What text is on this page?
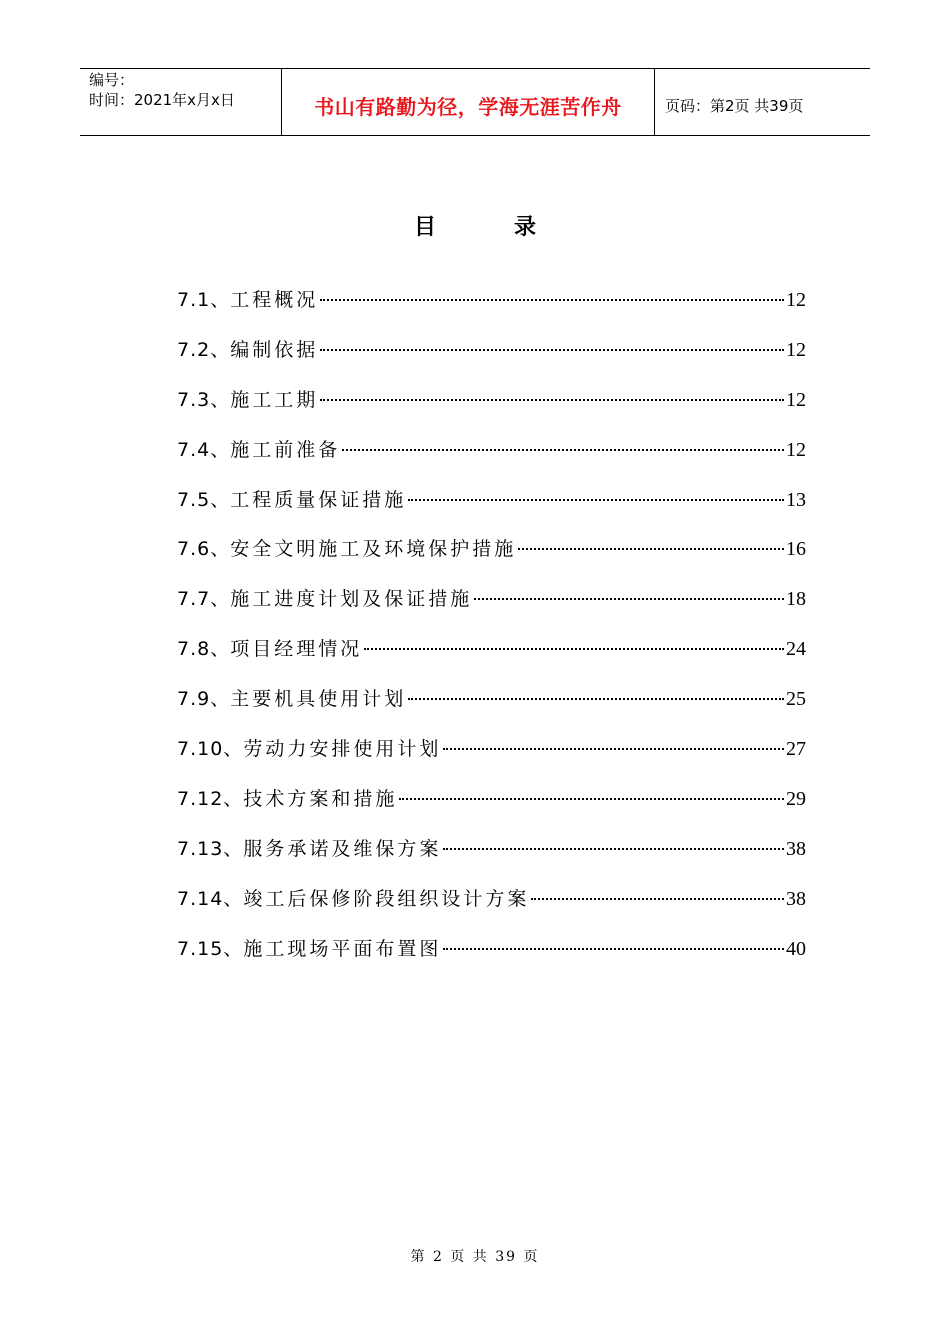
编号：
时间：2021年x月x日	书山有路勤为径，学海无涯苦作舟	页码：第2页 共39页
目	录
7.1、 工程概况	12
7.2、 编制依据	12
7.3、 施工工期	12
7.4、 施工前准备	12
7.5、 工程质量保证措施	13
7.6、 安全文明施工及环境保护措施	16
7.7、 施工进度计划及保证措施	18
7.8、 项目经理情况	24
7.9、 主要机具使用计划	25
7.10、 劳动力安排使用计划	27
7.12、 技术方案和措施	29
7.13、 服务承诺及维保方案	38
7.14、 竣工后保修阶段组织设计方案	38
7.15、 施工现场平面布置图	40
第 2 页 共 39 页
